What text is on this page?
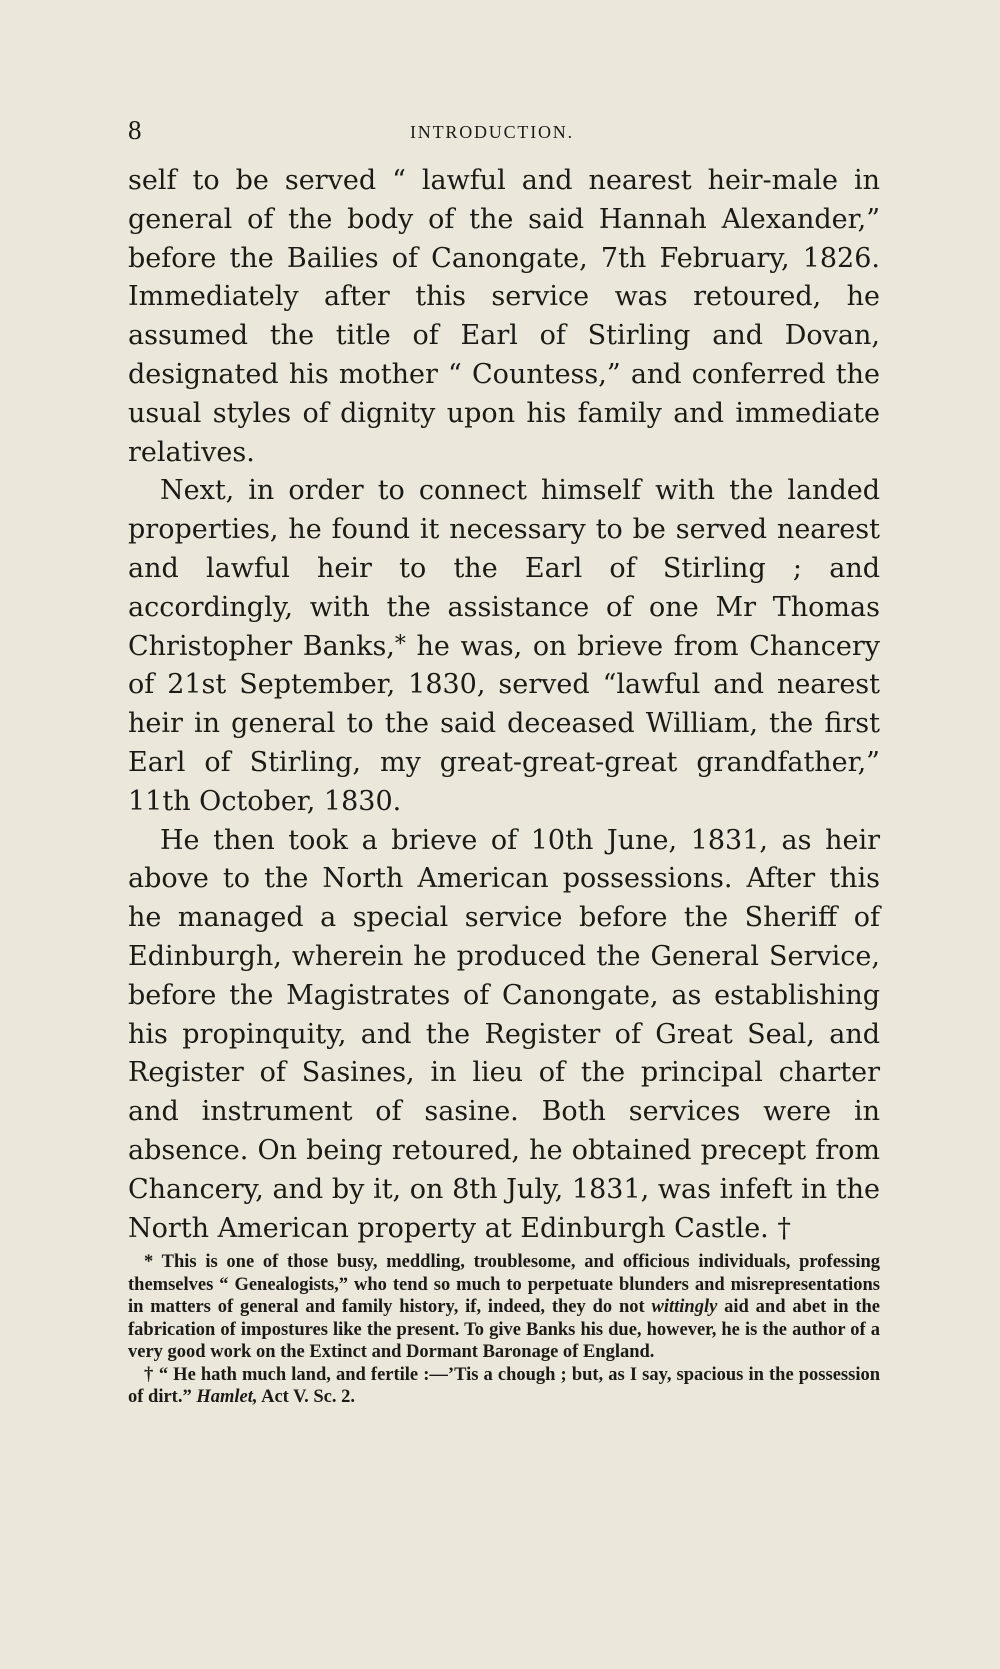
8	INTRODUCTION.

self to be served “ lawful and nearest heir-male in general of the body of the said Hannah Alexander,” before the Bailies of Canongate, 7th February, 1826. Immediately after this service was retoured, he assumed the title of Earl of Stirling and Dovan, designated his mother “ Countess,” and conferred the usual styles of dignity upon his family and immediate relatives.

Next, in order to connect himself with the landed properties, he found it necessary to be served nearest and lawful heir to the Earl of Stirling ; and accordingly, with the assistance of one Mr Thomas Christopher Banks,* he was, on brieve from Chancery of 21st September, 1830, served “lawful and nearest heir in general to the said deceased William, the first Earl of Stirling, my great-great-great grandfather,” 11th October, 1830.

He then took a brieve of 10th June, 1831, as heir above to the North American possessions. After this he managed a special service before the Sheriff of Edinburgh, wherein he produced the General Service, before the Magistrates of Canongate, as establishing his propinquity, and the Register of Great Seal, and Register of Sasines, in lieu of the principal charter and instrument of sasine. Both services were in absence. On being retoured, he obtained precept from Chancery, and by it, on 8th July, 1831, was infeft in the North American property at Edinburgh Castle. †

* This is one of those busy, meddling, troublesome, and officious individuals, professing themselves “ Genealogists,” who tend so much to perpetuate blunders and misrepresentations in matters of general and family history, if, indeed, they do not wittingly aid and abet in the fabrication of impostures like the present. To give Banks his due, however, he is the author of a very good work on the Extinct and Dormant Baronage of England.

† “ He hath much land, and fertile :—’Tis a chough ; but, as I say, spacious in the possession of dirt.” Hamlet, Act V. Sc. 2.
